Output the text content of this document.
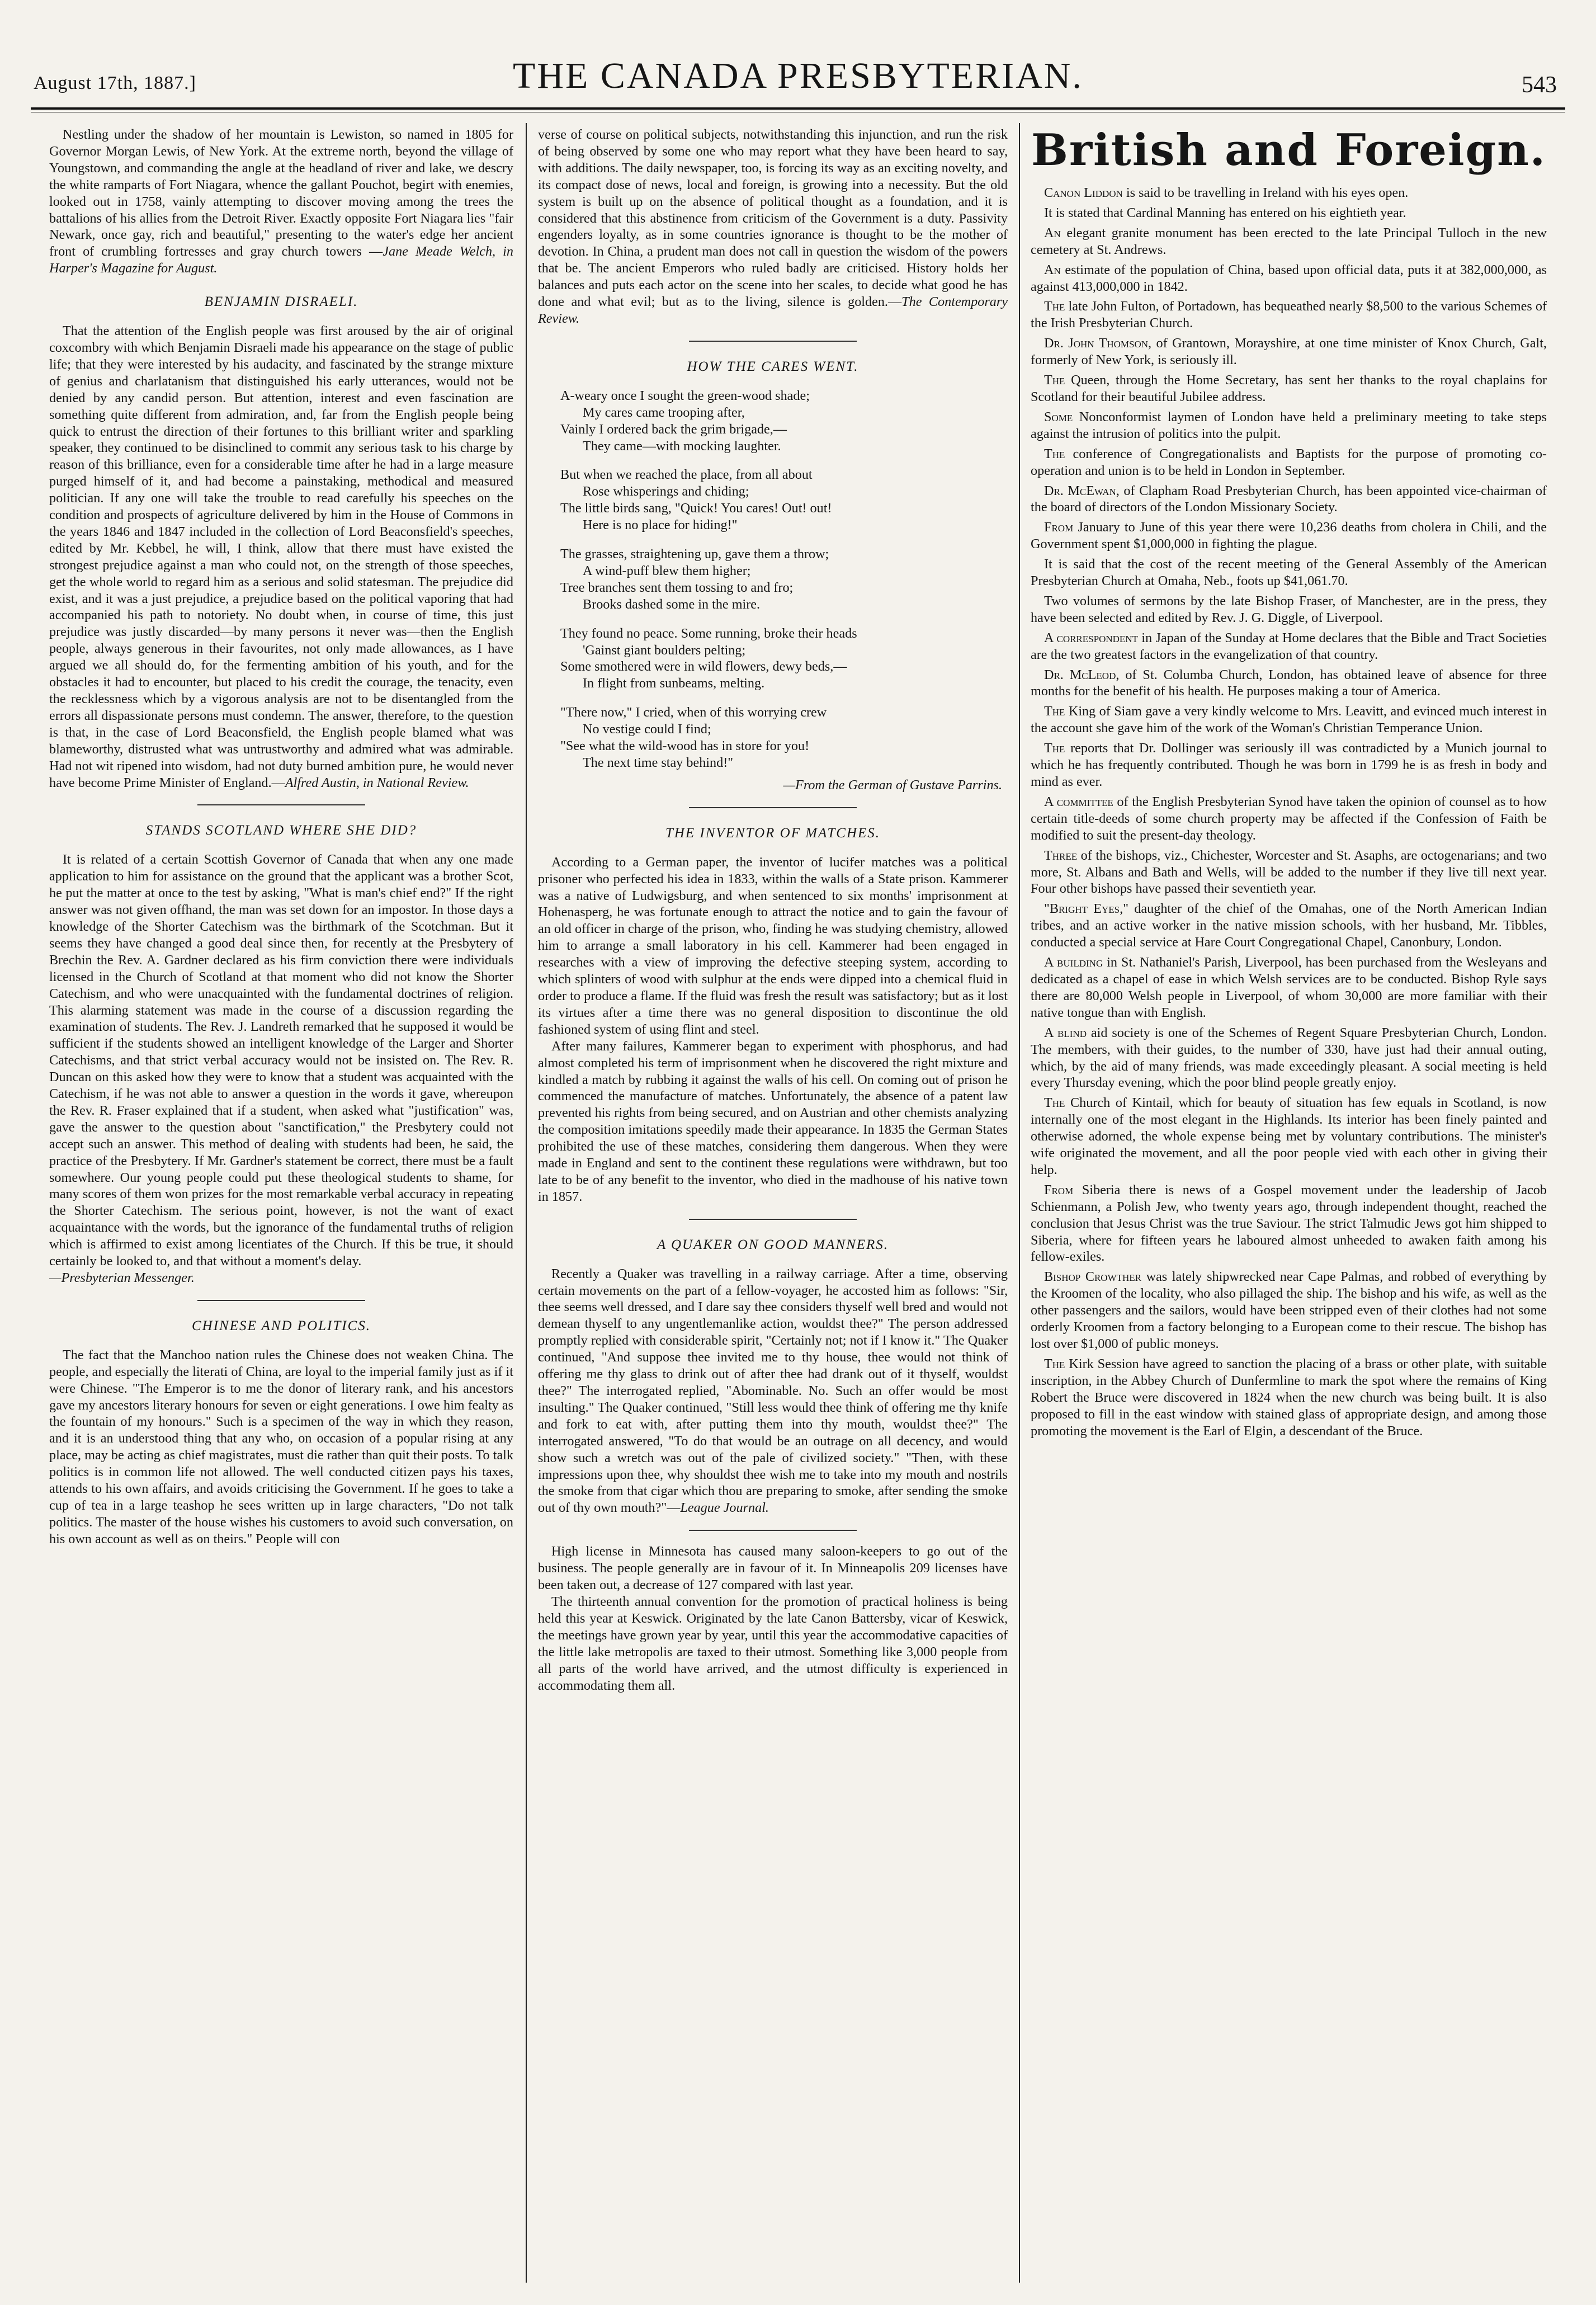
August 17th, 1887.]	THE CANADA PRESBYTERIAN.	543

Nestling under the shadow of her mountain is Lewiston, so named in 1805 for Governor Morgan Lewis, of New York. At the extreme north, beyond the village of Youngstown, and commanding the angle at the headland of river and lake, we descry the white ramparts of Fort Niagara, whence the gallant Pouchot, begirt with enemies, looked out in 1758, vainly attempting to discover moving among the trees the battalions of his allies from the Detroit River. Exactly opposite Fort Niagara lies "fair Newark, once gay, rich and beautiful," presenting to the water's edge her ancient front of crumbling fortresses and gray church towers —Jane Meade Welch, in Harper's Magazine for August.

BENJAMIN DISRAELI.

That the attention of the English people was first aroused by the air of original coxcombry with which Benjamin Disraeli made his appearance on the stage of public life; that they were interested by his audacity, and fascinated by the strange mixture of genius and charlatanism that distinguished his early utterances, would not be denied by any candid person. But attention, interest and even fascination are something quite different from admiration, and, far from the English people being quick to entrust the direction of their fortunes to this brilliant writer and sparkling speaker, they continued to be disinclined to commit any serious task to his charge by reason of this brilliance, even for a considerable time after he had in a large measure purged himself of it, and had become a painstaking, methodical and measured politician. If any one will take the trouble to read carefully his speeches on the condition and prospects of agriculture delivered by him in the House of Commons in the years 1846 and 1847 included in the collection of Lord Beaconsfield's speeches, edited by Mr. Kebbel, he will, I think, allow that there must have existed the strongest prejudice against a man who could not, on the strength of those speeches, get the whole world to regard him as a serious and solid statesman. The prejudice did exist, and it was a just prejudice, a prejudice based on the political vaporing that had accompanied his path to notoriety. No doubt when, in course of time, this just prejudice was justly discarded—by many persons it never was—then the English people, always generous in their favourites, not only made allowances, as I have argued we all should do, for the fermenting ambition of his youth, and for the obstacles it had to encounter, but placed to his credit the courage, the tenacity, even the recklessness which by a vigorous analysis are not to be disentangled from the errors all dispassionate persons must condemn. The answer, therefore, to the question is that, in the case of Lord Beaconsfield, the English people blamed what was blameworthy, distrusted what was untrustworthy and admired what was admirable. Had not wit ripened into wisdom, had not duty burned ambition pure, he would never have become Prime Minister of England.—Alfred Austin, in National Review.

STANDS SCOTLAND WHERE SHE DID?

It is related of a certain Scottish Governor of Canada that when any one made application to him for assistance on the ground that the applicant was a brother Scot, he put the matter at once to the test by asking, "What is man's chief end?" If the right answer was not given offhand, the man was set down for an impostor. In those days a knowledge of the Shorter Catechism was the birthmark of the Scotchman. But it seems they have changed a good deal since then, for recently at the Presbytery of Brechin the Rev. A. Gardner declared as his firm conviction there were individuals licensed in the Church of Scotland at that moment who did not know the Shorter Catechism, and who were unacquainted with the fundamental doctrines of religion. This alarming statement was made in the course of a discussion regarding the examination of students. The Rev. J. Landreth remarked that he supposed it would be sufficient if the students showed an intelligent knowledge of the Larger and Shorter Catechisms, and that strict verbal accuracy would not be insisted on. The Rev. R. Duncan on this asked how they were to know that a student was acquainted with the Catechism, if he was not able to answer a question in the words it gave, whereupon the Rev. R. Fraser explained that if a student, when asked what "justification" was, gave the answer to the question about "sanctification," the Presbytery could not accept such an answer. This method of dealing with students had been, he said, the practice of the Presbytery. If Mr. Gardner's statement be correct, there must be a fault somewhere. Our young people could put these theological students to shame, for many scores of them won prizes for the most remarkable verbal accuracy in repeating the Shorter Catechism. The serious point, however, is not the want of exact acquaintance with the words, but the ignorance of the fundamental truths of religion which is affirmed to exist among licentiates of the Church. If this be true, it should certainly be looked to, and that without a moment's delay.

—Presbyterian Messenger.

CHINESE AND POLITICS.

The fact that the Manchoo nation rules the Chinese does not weaken China. The people, and especially the literati of China, are loyal to the imperial family just as if it were Chinese. "The Emperor is to me the donor of literary rank, and his ancestors gave my ancestors literary honours for seven or eight generations. I owe him fealty as the fountain of my honours." Such is a specimen of the way in which they reason, and it is an understood thing that any who, on occasion of a popular rising at any place, may be acting as chief magistrates, must die rather than quit their posts. To talk politics is in common life not allowed. The well conducted citizen pays his taxes, attends to his own affairs, and avoids criticising the Government. If he goes to take a cup of tea in a large teashop he sees written up in large characters, "Do not talk politics. The master of the house wishes his customers to avoid such conversation, on his own account as well as on theirs." People will con

verse of course on political subjects, notwithstanding this injunction, and run the risk of being observed by some one who may report what they have been heard to say, with additions. The daily newspaper, too, is forcing its way as an exciting novelty, and its compact dose of news, local and foreign, is growing into a necessity. But the old system is built up on the absence of political thought as a foundation, and it is considered that this abstinence from criticism of the Government is a duty. Passivity engenders loyalty, as in some countries ignorance is thought to be the mother of devotion. In China, a prudent man does not call in question the wisdom of the powers that be. The ancient Emperors who ruled badly are criticised. History holds her balances and puts each actor on the scene into her scales, to decide what good he has done and what evil; but as to the living, silence is golden.—The Contemporary Review.

HOW THE CARES WENT.
A-weary once I sought the green-wood shade;
My cares came trooping after,
Vainly I ordered back the grim brigade,—
They came—with mocking laughter.
But when we reached the place, from all about
Rose whisperings and chiding;
The little birds sang, "Quick! You cares! Out! out!
Here is no place for hiding!"
The grasses, straightening up, gave them a throw;
A wind-puff blew them higher;
Tree branches sent them tossing to and fro;
Brooks dashed some in the mire.
They found no peace. Some running, broke their heads
'Gainst giant boulders pelting;
Some smothered were in wild flowers, dewy beds,—
In flight from sunbeams, melting.
"There now," I cried, when of this worrying crew
No vestige could I find;
"See what the wild-wood has in store for you!
The next time stay behind!"
—From the German of Gustave Parrins.
THE INVENTOR OF MATCHES.

According to a German paper, the inventor of lucifer matches was a political prisoner who perfected his idea in 1833, within the walls of a State prison. Kammerer was a native of Ludwigsburg, and when sentenced to six months' imprisonment at Hohenasperg, he was fortunate enough to attract the notice and to gain the favour of an old officer in charge of the prison, who, finding he was studying chemistry, allowed him to arrange a small laboratory in his cell. Kammerer had been engaged in researches with a view of improving the defective steeping system, according to which splinters of wood with sulphur at the ends were dipped into a chemical fluid in order to produce a flame. If the fluid was fresh the result was satisfactory; but as it lost its virtues after a time there was no general disposition to discontinue the old fashioned system of using flint and steel.

After many failures, Kammerer began to experiment with phosphorus, and had almost completed his term of imprisonment when he discovered the right mixture and kindled a match by rubbing it against the walls of his cell. On coming out of prison he commenced the manufacture of matches. Unfortunately, the absence of a patent law prevented his rights from being secured, and on Austrian and other chemists analyzing the composition imitations speedily made their appearance. In 1835 the German States prohibited the use of these matches, considering them dangerous. When they were made in England and sent to the continent these regulations were withdrawn, but too late to be of any benefit to the inventor, who died in the madhouse of his native town in 1857.

A QUAKER ON GOOD MANNERS.

Recently a Quaker was travelling in a railway carriage. After a time, observing certain movements on the part of a fellow-voyager, he accosted him as follows: "Sir, thee seems well dressed, and I dare say thee considers thyself well bred and would not demean thyself to any ungentlemanlike action, wouldst thee?" The person addressed promptly replied with considerable spirit, "Certainly not; not if I know it." The Quaker continued, "And suppose thee invited me to thy house, thee would not think of offering me thy glass to drink out of after thee had drank out of it thyself, wouldst thee?" The interrogated replied, "Abominable. No. Such an offer would be most insulting." The Quaker continued, "Still less would thee think of offering me thy knife and fork to eat with, after putting them into thy mouth, wouldst thee?" The interrogated answered, "To do that would be an outrage on all decency, and would show such a wretch was out of the pale of civilized society." "Then, with these impressions upon thee, why shouldst thee wish me to take into my mouth and nostrils the smoke from that cigar which thou are preparing to smoke, after sending the smoke out of thy own mouth?"—League Journal.

High license in Minnesota has caused many saloon-keepers to go out of the business. The people generally are in favour of it. In Minneapolis 209 licenses have been taken out, a decrease of 127 compared with last year.

The thirteenth annual convention for the promotion of practical holiness is being held this year at Keswick. Originated by the late Canon Battersby, vicar of Keswick, the meetings have grown year by year, until this year the accommodative capacities of the little lake metropolis are taxed to their utmost. Something like 3,000 people from all parts of the world have arrived, and the utmost difficulty is experienced in accommodating them all.

British and Foreign.

Canon Liddon is said to be travelling in Ireland with his eyes open.

It is stated that Cardinal Manning has entered on his eightieth year.

An elegant granite monument has been erected to the late Principal Tulloch in the new cemetery at St. Andrews.

An estimate of the population of China, based upon official data, puts it at 382,000,000, as against 413,000,000 in 1842.

The late John Fulton, of Portadown, has bequeathed nearly $8,500 to the various Schemes of the Irish Presbyterian Church.

Dr. John Thomson, of Grantown, Morayshire, at one time minister of Knox Church, Galt, formerly of New York, is seriously ill.

The Queen, through the Home Secretary, has sent her thanks to the royal chaplains for Scotland for their beautiful Jubilee address.

Some Nonconformist laymen of London have held a preliminary meeting to take steps against the intrusion of politics into the pulpit.

The conference of Congregationalists and Baptists for the purpose of promoting co-operation and union is to be held in London in September.

Dr. McEwan, of Clapham Road Presbyterian Church, has been appointed vice-chairman of the board of directors of the London Missionary Society.

From January to June of this year there were 10,236 deaths from cholera in Chili, and the Government spent $1,000,000 in fighting the plague.

It is said that the cost of the recent meeting of the General Assembly of the American Presbyterian Church at Omaha, Neb., foots up $41,061.70.

Two volumes of sermons by the late Bishop Fraser, of Manchester, are in the press, they have been selected and edited by Rev. J. G. Diggle, of Liverpool.

A correspondent in Japan of the Sunday at Home declares that the Bible and Tract Societies are the two greatest factors in the evangelization of that country.

Dr. McLeod, of St. Columba Church, London, has obtained leave of absence for three months for the benefit of his health. He purposes making a tour of America.

The King of Siam gave a very kindly welcome to Mrs. Leavitt, and evinced much interest in the account she gave him of the work of the Woman's Christian Temperance Union.

The reports that Dr. Dollinger was seriously ill was contradicted by a Munich journal to which he has frequently contributed. Though he was born in 1799 he is as fresh in body and mind as ever.

A committee of the English Presbyterian Synod have taken the opinion of counsel as to how certain title-deeds of some church property may be affected if the Confession of Faith be modified to suit the present-day theology.

Three of the bishops, viz., Chichester, Worcester and St. Asaphs, are octogenarians; and two more, St. Albans and Bath and Wells, will be added to the number if they live till next year. Four other bishops have passed their seventieth year.

"Bright Eyes," daughter of the chief of the Omahas, one of the North American Indian tribes, and an active worker in the native mission schools, with her husband, Mr. Tibbles, conducted a special service at Hare Court Congregational Chapel, Canonbury, London.

A building in St. Nathaniel's Parish, Liverpool, has been purchased from the Wesleyans and dedicated as a chapel of ease in which Welsh services are to be conducted. Bishop Ryle says there are 80,000 Welsh people in Liverpool, of whom 30,000 are more familiar with their native tongue than with English.

A blind aid society is one of the Schemes of Regent Square Presbyterian Church, London. The members, with their guides, to the number of 330, have just had their annual outing, which, by the aid of many friends, was made exceedingly pleasant. A social meeting is held every Thursday evening, which the poor blind people greatly enjoy.

The Church of Kintail, which for beauty of situation has few equals in Scotland, is now internally one of the most elegant in the Highlands. Its interior has been finely painted and otherwise adorned, the whole expense being met by voluntary contributions. The minister's wife originated the movement, and all the poor people vied with each other in giving their help.

From Siberia there is news of a Gospel movement under the leadership of Jacob Schienmann, a Polish Jew, who twenty years ago, through independent thought, reached the conclusion that Jesus Christ was the true Saviour. The strict Talmudic Jews got him shipped to Siberia, where for fifteen years he laboured almost unheeded to awaken faith among his fellow-exiles.

Bishop Crowther was lately shipwrecked near Cape Palmas, and robbed of everything by the Kroomen of the locality, who also pillaged the ship. The bishop and his wife, as well as the other passengers and the sailors, would have been stripped even of their clothes had not some orderly Kroomen from a factory belonging to a European come to their rescue. The bishop has lost over $1,000 of public moneys.

The Kirk Session have agreed to sanction the placing of a brass or other plate, with suitable inscription, in the Abbey Church of Dunfermline to mark the spot where the remains of King Robert the Bruce were discovered in 1824 when the new church was being built. It is also proposed to fill in the east window with stained glass of appropriate design, and among those promoting the movement is the Earl of Elgin, a descendant of the Bruce.
